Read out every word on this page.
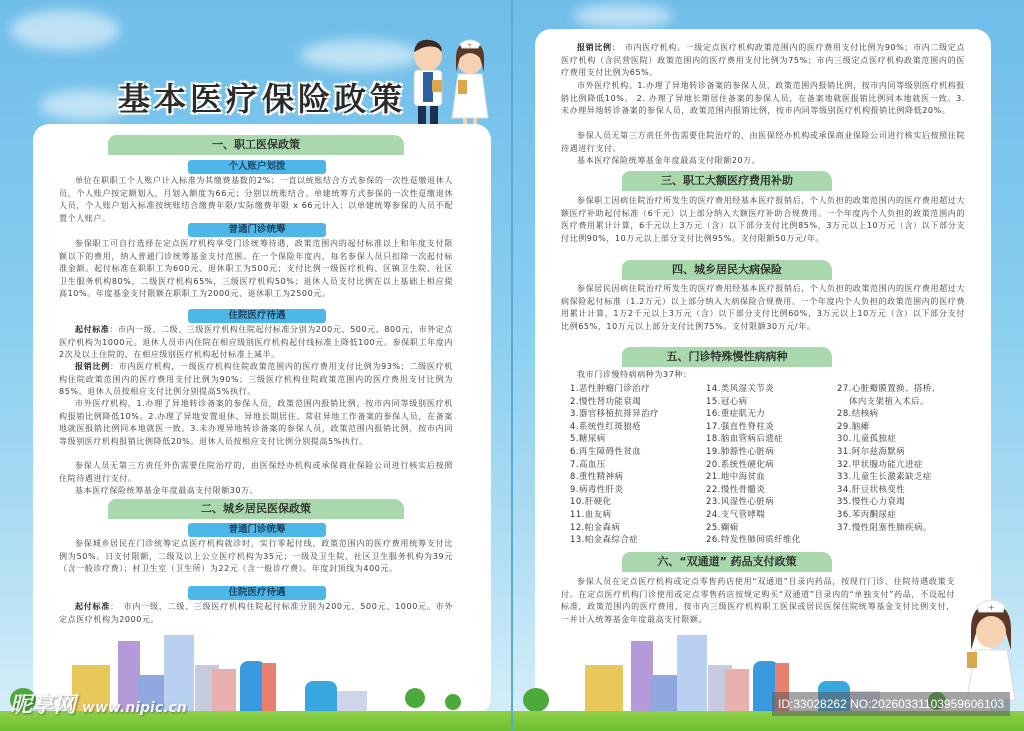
基本医疗保险政策
+
一、职工医保政策
个人账户划拨
单位在职职工个人账户计入标准为其缴费基数的2%；一直以统账结合方式参保的一次性趸缴退休人员，个人账户按定额划入，月划入额度为66元；分别以统账结合、单建统筹方式参保的一次性趸缴退休人员，个人账户划入标准按统账结合缴费年限/实际缴费年限 x 66元计入；以单建统筹参保的人员不配置个人账户。
普通门诊统筹
参保职工可自行选择在定点医疗机构享受门诊统筹待遇，政策范围内的起付标准以上和年度支付限额以下的费用，纳入普通门诊统筹基金支付范围。在一个保险年度内，每名参保人员只扣除一次起付标准金额。起付标准在职职工为600元、退休职工为500元；支付比例一级医疗机构、区镇卫生院、社区卫生服务机构80%，二级医疗机构65%，三级医疗机构50%；退休人员支付比例在以上基础上相应提高10%。年度基金支付限额在职职工为2000元、退休职工为2500元。
住院医疗待遇
起付标准：市内一级、二级、三级医疗机构住院起付标准分别为200元、500元、800元，市外定点医疗机构为1000元。退休人员市内住院在相应级别医疗机构起付线标准上降低100元。参保职工年度内2次及以上住院的，在相应级别医疗机构起付标准上减半。
报销比例：市内医疗机构，一级医疗机构住院政策范围内的医疗费用支付比例为93%；二级医疗机构住院政策范围内的医疗费用支付比例为90%；三级医疗机构住院政策范围内的医疗费用支付比例为85%。退休人员按相应支付比例分别提高5%执行。
市外医疗机构，1.办理了异地转诊备案的参保人员，政策范围内报销比例，按市内同等级别医疗机构报销比例降低10%。2.办理了异地安置退休、异地长期居住、常驻异地工作备案的参保人员，在备案地就医报销比例同本地就医一致。3.未办理异地转诊备案的参保人员，政策范围内报销比例，按市内同等级别医疗机构报销比例降低20%。退休人员按相应支付比例分别提高5%执行。
参保人员无第三方责任外伤需要住院治疗的，由医保经办机构或承保商业保险公司进行核实后按照住院待遇进行支付。
基本医疗保险统筹基金年度最高支付限额30万。
二、城乡居民医保政策
普通门诊统筹
参保城乡居民在门诊统筹定点医疗机构就诊时，实行零起付线，政策范围内的医疗费用统筹支付比例为50%。日支付限额，二级及以上公立医疗机构为35元；一级及卫生院、社区卫生服务机构为39元（含一般诊疗费）；村卫生室（卫生所）为22元（含一般诊疗费）。年度封顶线为400元。
住院医疗待遇
起付标准：　市内一级、二级、三级医疗机构住院起付标准分别为200元、500元、1000元。市外定点医疗机构为2000元。
昵享网 www.nipic.cn
报销比例：　市内医疗机构。一级定点医疗机构政策范围内的医疗费用支付比例为90%；市内二级定点医疗机构（含民营医院）政策范围内的医疗费用支付比例为75%；市内三级定点医疗机构政策范围内的医疗费用支付比例为65%。
市外医疗机构。1.办理了异地转诊备案的参保人员，政策范围内报销比例，按市内同等级别医疗机构报销比例降低10%。 2. 办理了异地长期居住备案的参保人员，在备案地就医报销比例同本地就医一致。3.未办理异地转诊备案的参保人员，政策范围内报销比例，按市内同等级别医疗机构报销比例降低20%。
参保人员无第三方责任外伤需要住院治疗的，由医保经办机构或承保商业保险公司进行核实后按照住院待遇进行支付。
基本医疗保险统筹基金年度最高支付限额20万。
三、职工大额医疗费用补助
参保职工因病住院治疗所发生的医疗费用经基本医疗报销后，个人负担的政策范围内的医疗费用超过大额医疗补助起付标准（6千元）以上部分纳入大额医疗补助合规费用。一个年度内个人负担的政策范围内的医疗费用累计计算，6千元以上3万元（含）以下部分支付比例85%，3万元以上10万元（含）以下部分支付比例90%，10万元以上部分支付比例95%。支付限额50万元/年。
四、城乡居民大病保险
参保居民因病住院治疗所发生的医疗费用经基本医疗报销后，个人负担的政策范围内的医疗费用超过大病保险起付标准（1.2万元）以上部分纳入大病保险合规费用。一个年度内个人负担的政策范围内的医疗费用累计计算，1万2千元以上3万元（含）以下部分支付比例60%，3万元以上10万元（含）以下部分支付比例65%，10万元以上部分支付比例75%。支付限额30万元/年。
五、门诊特殊慢性病病种
我市门诊慢特病病种为37种：
1.恶性肿瘤门诊治疗
2.慢性肾功能衰竭
3.器官移植抗排异治疗
4.系统性红斑狼疮
5.糖尿病
6.再生障碍性贫血
7.高血压
8.重性精神病
9.病毒性肝炎
10.肝硬化
11.血友病
12.帕金森病
13.帕金森综合症
14.类风湿关节炎
15.冠心病
16.重症肌无力
17.强直性脊柱炎
18.脑血管病后遗症
19.肺源性心脏病
20.系统性硬化病
21.地中海贫血
22.慢性骨髓炎
23.风湿性心脏病
24.支气管哮喘
25.癫痫
26.特发性肺间质纤维化
27.心脏瓣膜置换、搭桥、
　 体内支架植入术后。
28.结核病
29.脑瘫
30.儿童孤独症
31.阿尔兹海默病
32.甲状腺功能亢进症
33.儿童生长激素缺乏症
34.肝豆状核变性
35.慢性心力衰竭
36.苯丙酮尿症
37.慢性阻塞性肺疾病。
六、“双通道” 药品支付政策
参保人员在定点医疗机构或定点零售药店使用“双通道”目录内药品，按现行门诊、住院待遇政策支付。在定点医疗机构门诊使用或定点零售药店按规定购买“双通道”目录内的“单独支付”药品，不设起付标准，政策范围内的医疗费用，按市内三级医疗机构职工医保或居民医保住院统筹基金支付比例支付，一并计入统筹基金年度最高支付限额。
+
ID:33028262 NO:20260331103959606103
